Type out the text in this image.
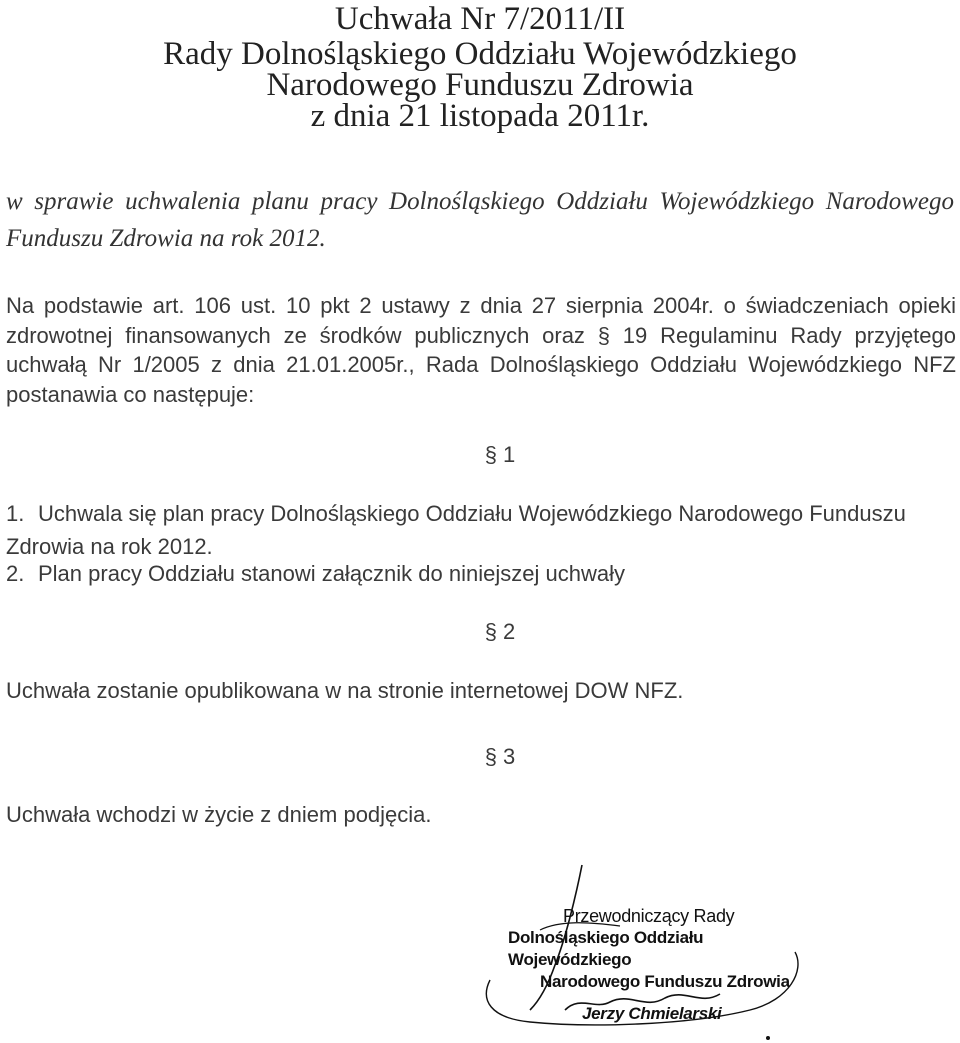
Uchwała Nr 7/2011/II
Rady Dolnośląskiego Oddziału Wojewódzkiego
Narodowego Funduszu Zdrowia
z dnia 21 listopada 2011r.
w sprawie uchwalenia planu pracy Dolnośląskiego Oddziału Wojewódzkiego Narodowego Funduszu Zdrowia na rok 2012.
Na podstawie art. 106 ust. 10 pkt 2 ustawy z dnia 27 sierpnia 2004r. o świadczeniach opieki zdrowotnej finansowanych ze środków publicznych oraz § 19 Regulaminu Rady przyjętego uchwałą Nr 1/2005 z dnia 21.01.2005r., Rada Dolnośląskiego Oddziału Wojewódzkiego NFZ postanawia co następuje:
§ 1
1. Uchwala się plan pracy Dolnośląskiego Oddziału Wojewódzkiego Narodowego Funduszu Zdrowia na rok 2012.
2. Plan pracy Oddziału stanowi załącznik do niniejszej uchwały
§ 2
Uchwała zostanie opublikowana w na stronie internetowej DOW NFZ.
§ 3
Uchwała wchodzi w życie z dniem podjęcia.
Przewodniczący Rady
Dolnośląskiego Oddziału Wojewódzkiego
Narodowego Funduszu Zdrowia
Jerzy Chmielarski
